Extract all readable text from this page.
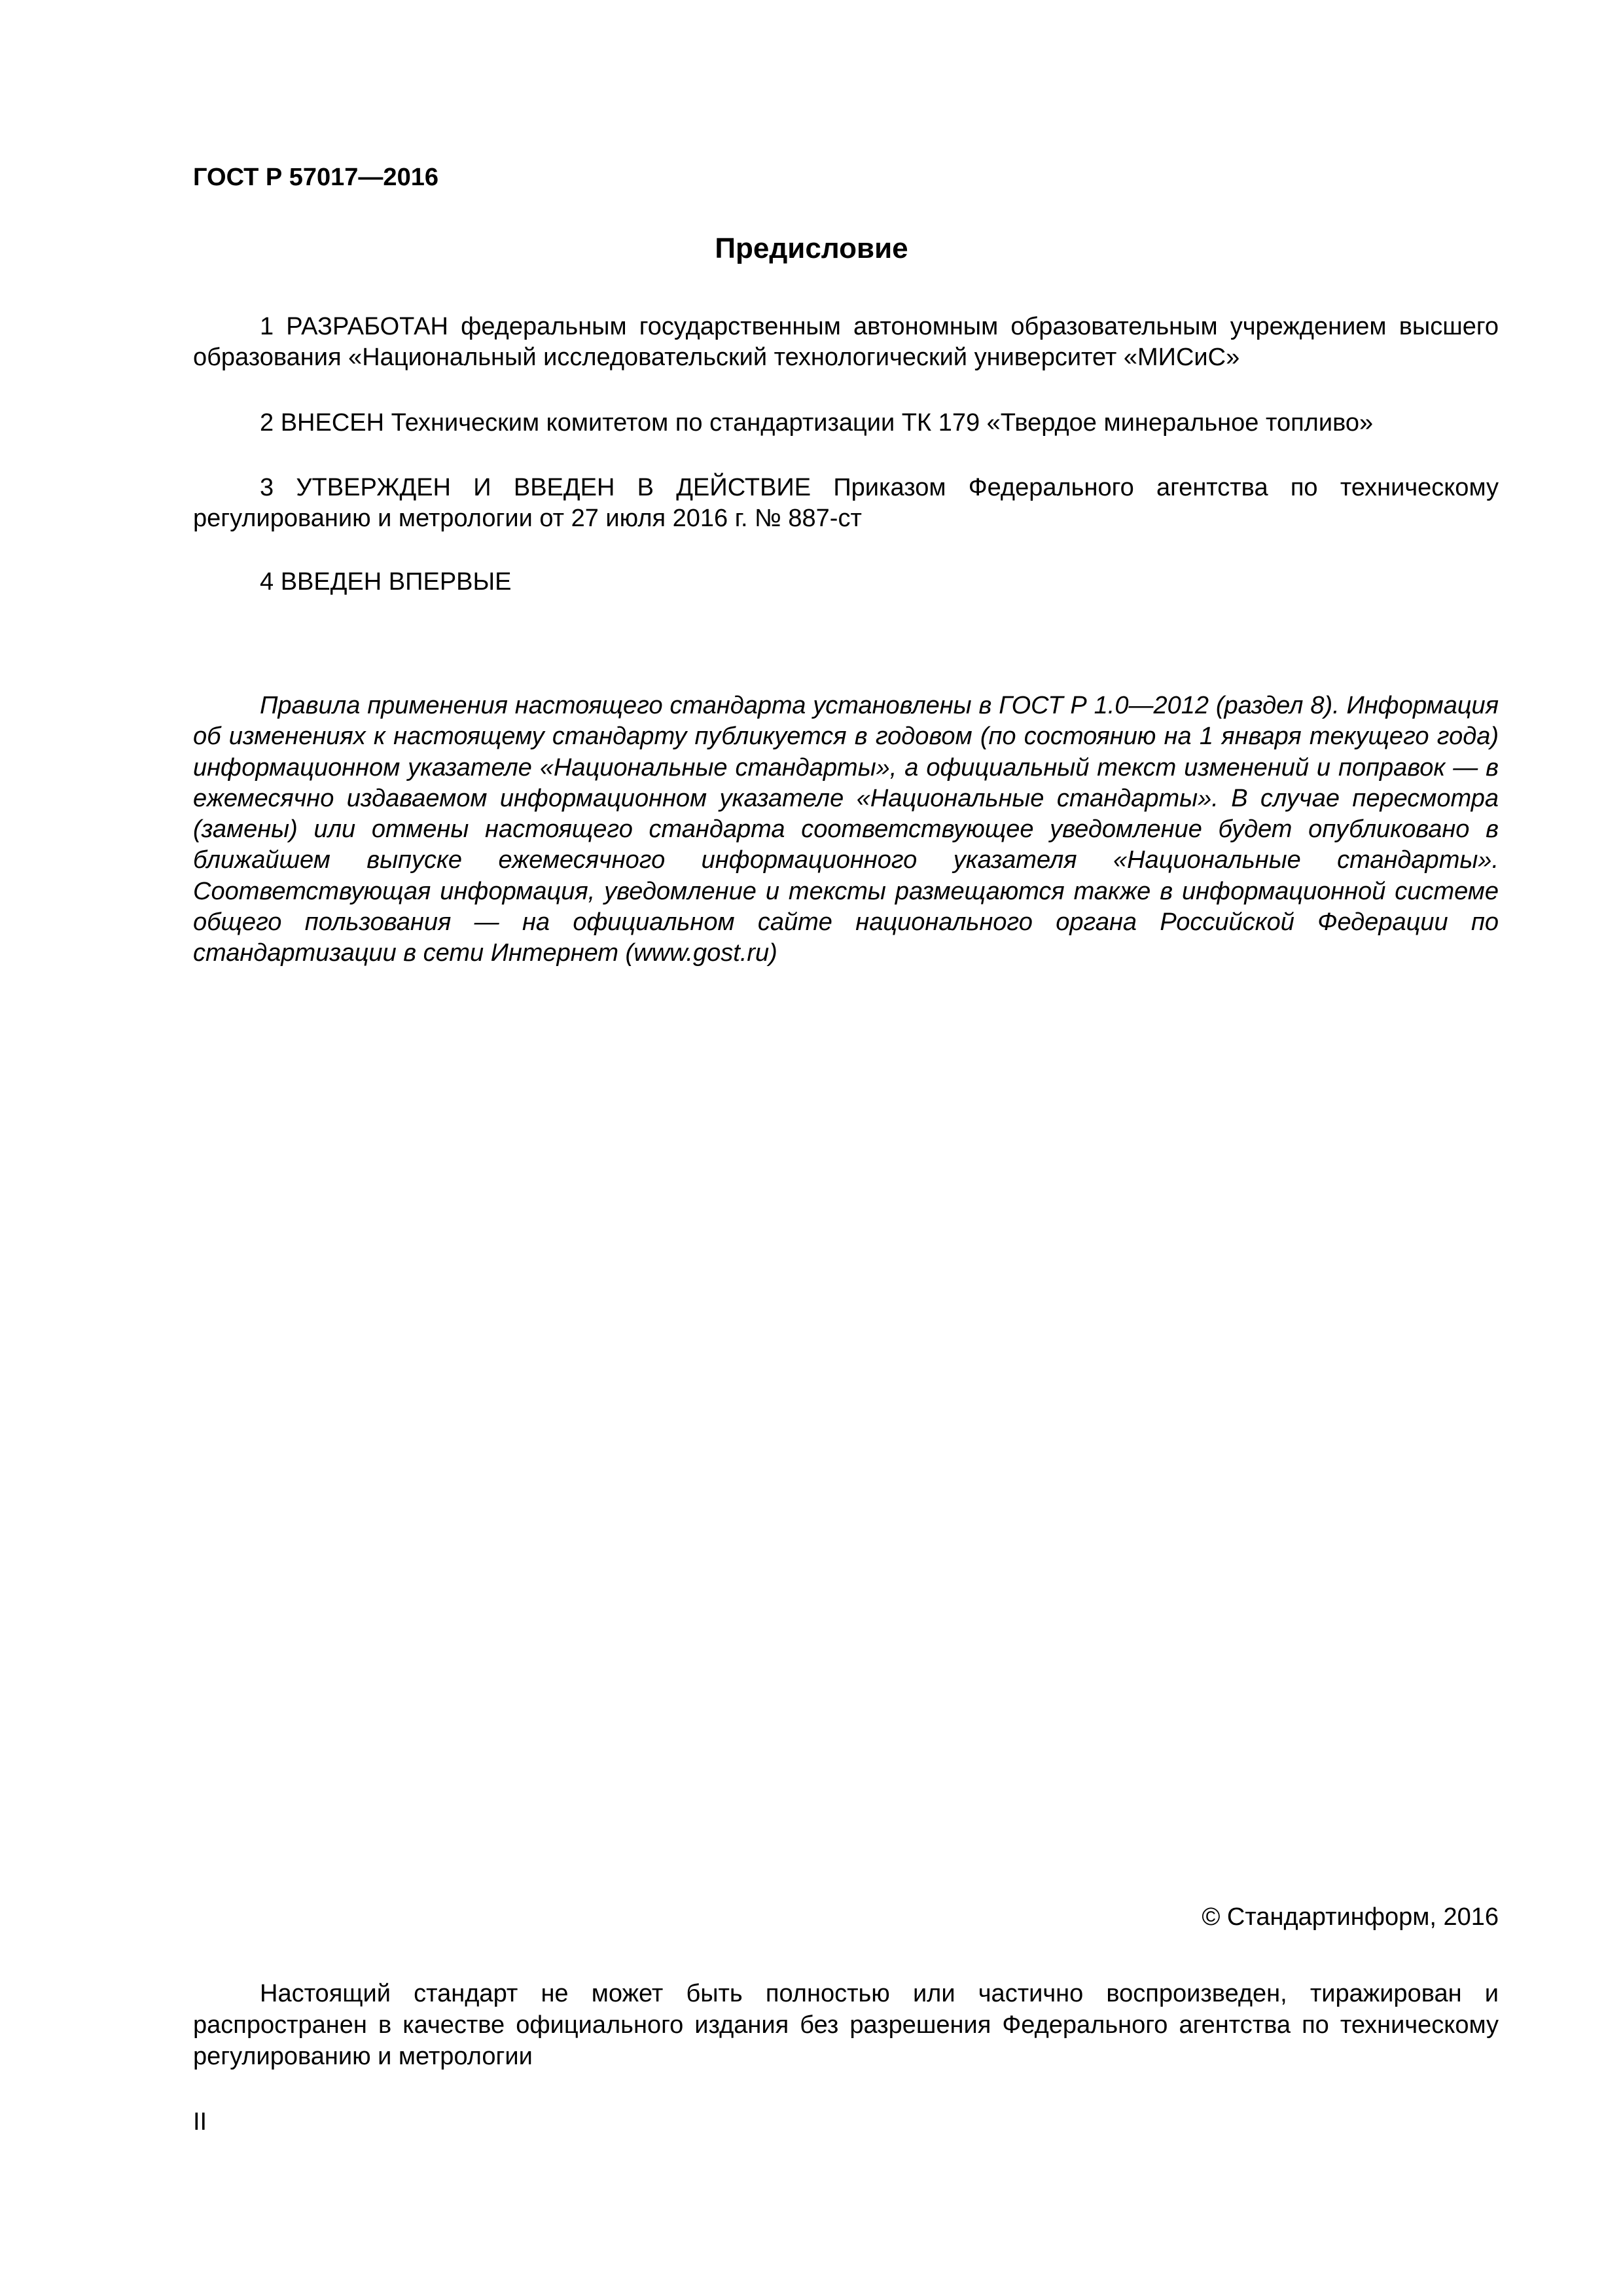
ГОСТ Р 57017—2016
Предисловие

1 РАЗРАБОТАН федеральным государственным автономным образовательным учреждением высшего образования «Национальный исследовательский технологический университет «МИСиС»

2 ВНЕСЕН Техническим комитетом по стандартизации ТК 179 «Твердое минеральное топливо»

3 УТВЕРЖДЕН И ВВЕДЕН В ДЕЙСТВИЕ Приказом Федерального агентства по техническому регулированию и метрологии от 27 июля 2016 г. № 887-ст

4 ВВЕДЕН ВПЕРВЫЕ

Правила применения настоящего стандарта установлены в ГОСТ Р 1.0—2012 (раздел 8). Информация об изменениях к настоящему стандарту публикуется в годовом (по состоянию на 1 января текущего года) информационном указателе «Национальные стандарты», а официальный текст изменений и поправок — в ежемесячно издаваемом информационном указателе «Национальные стандарты». В случае пересмотра (замены) или отмены настоящего стандарта соответствующее уведомление будет опубликовано в ближайшем выпуске ежемесячного информационного указателя «Национальные стандарты». Соответствующая информация, уведомление и тексты размещаются также в информационной системе общего пользования — на официальном сайте национального органа Российской Федерации по стандартизации в сети Интернет (www.gost.ru)

© Стандартинформ, 2016

Настоящий стандарт не может быть полностью или частично воспроизведен, тиражирован и распространен в качестве официального издания без разрешения Федерального агентства по техническому регулированию и метрологии

II
